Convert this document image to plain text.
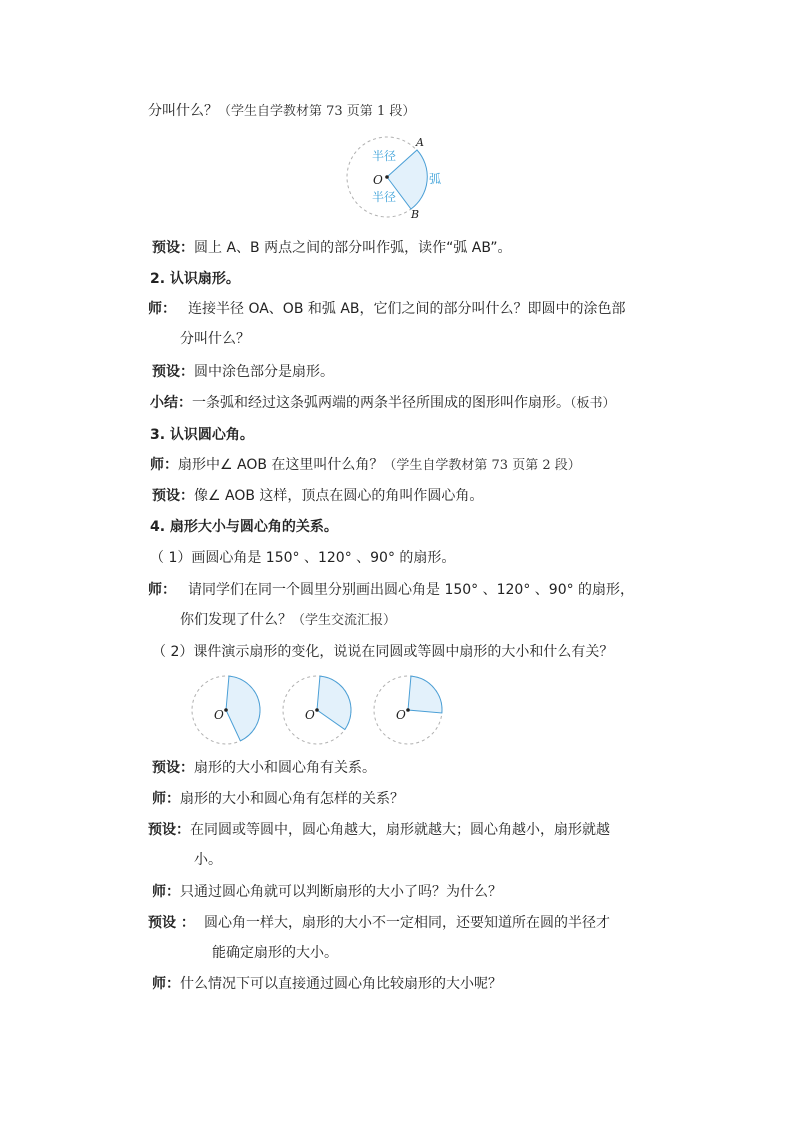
分叫什么？（学生自学教材第 73 页第 1 段）
半径
半径
弧
O
A
B
预设：圆上 A、B 两点之间的部分叫作弧，读作“弧 AB”。
2. 认识扇形。
师： 连接半径 OA、OB 和弧 AB，它们之间的部分叫什么？即圆中的涂色部
分叫什么？
预设：圆中涂色部分是扇形。
小结：一条弧和经过这条弧两端的两条半径所围成的图形叫作扇形。（板书）
3. 认识圆心角。
师：扇形中∠ AOB 在这里叫什么角？（学生自学教材第 73 页第 2 段）
预设：像∠ AOB 这样，顶点在圆心的角叫作圆心角。
4. 扇形大小与圆心角的关系。
（ 1）画圆心角是 150° 、120° 、90° 的扇形。
师： 请同学们在同一个圆里分别画出圆心角是 150° 、120° 、90° 的扇形，
你们发现了什么？（学生交流汇报）
（ 2）课件演示扇形的变化，说说在同圆或等圆中扇形的大小和什么有关？
O	O	O
预设：扇形的大小和圆心角有关系。
师：扇形的大小和圆心角有怎样的关系？
预设：在同圆或等圆中，圆心角越大，扇形就越大；圆心角越小，扇形就越
小。
师：只通过圆心角就可以判断扇形的大小了吗？为什么？
预设 ： 圆心角一样大，扇形的大小不一定相同，还要知道所在圆的半径才
能确定扇形的大小。
师：什么情况下可以直接通过圆心角比较扇形的大小呢？
